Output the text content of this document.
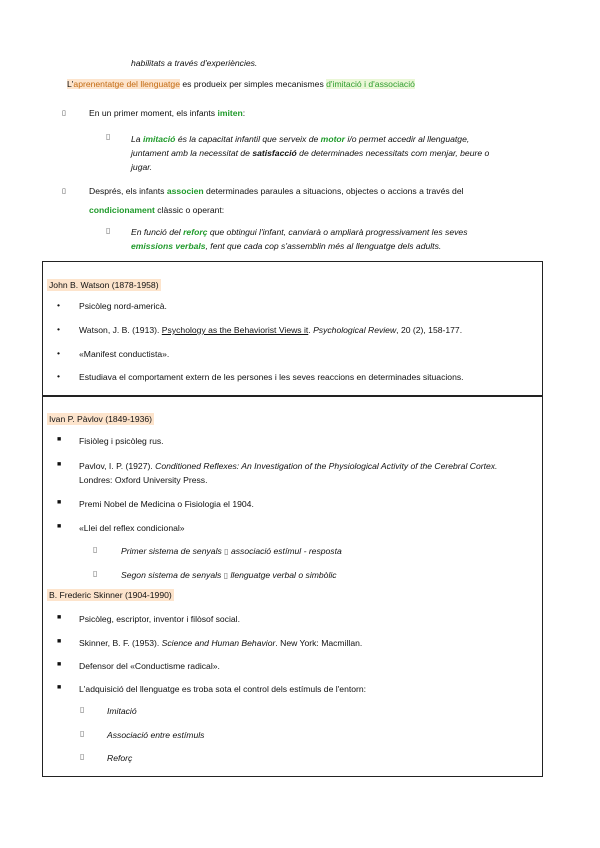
habilitats a través d'experiències.
L'aprenentatge del llenguatge es produeix per simples mecanismes d'imitació i d'associació
▯	En un primer moment, els infants imiten:
▯ La imitació és la capacitat infantil que serveix de motor i/o permet accedir al llenguatge,
juntament amb la necessitat de satisfacció de determinades necessitats com menjar, beure o
jugar.
▯	Després, els infants associen determinades paraules a situacions, objectes o accions a través del
condicionament clàssic o operant:
▯ En funció del reforç que obtingui l'infant, canviarà o ampliarà progressivament les seves
emissions verbals, fent que cada cop s'assemblin més al llenguatge dels adults.
John B. Watson (1878-1958)
• Psicòleg nord-americà.
• Watson, J. B. (1913). Psychology as the Behaviorist Views it. Psychological Review, 20 (2), 158-177.
• «Manifest conductista».
• Estudiava el comportament extern de les persones i les seves reaccions en determinades situacions.
Ivan P. Pàvlov (1849-1936)
■ Fisiòleg i psicòleg rus.
■ Pavlov, I. P. (1927). Conditioned Reflexes: An Investigation of the Physiological Activity of the Cerebral Cortex.
Londres: Oxford University Press.
■ Premi Nobel de Medicina o Fisiologia el 1904.
■ «Llei del reflex condicional»
▯	Primer sistema de senyals ▯ associació estímul - resposta
▯	Segon sistema de senyals ▯ llenguatge verbal o simbòlic
B. Frederic Skinner (1904-1990)
■ Psicòleg, escriptor, inventor i filòsof social.
■ Skinner, B. F. (1953). Science and Human Behavior. New York: Macmillan.
■ Defensor del «Conductisme radical».
■ L'adquisició del llenguatge es troba sota el control dels estímuls de l'entorn:
▯	Imitació
▯	Associació entre estímuls
▯	Reforç
